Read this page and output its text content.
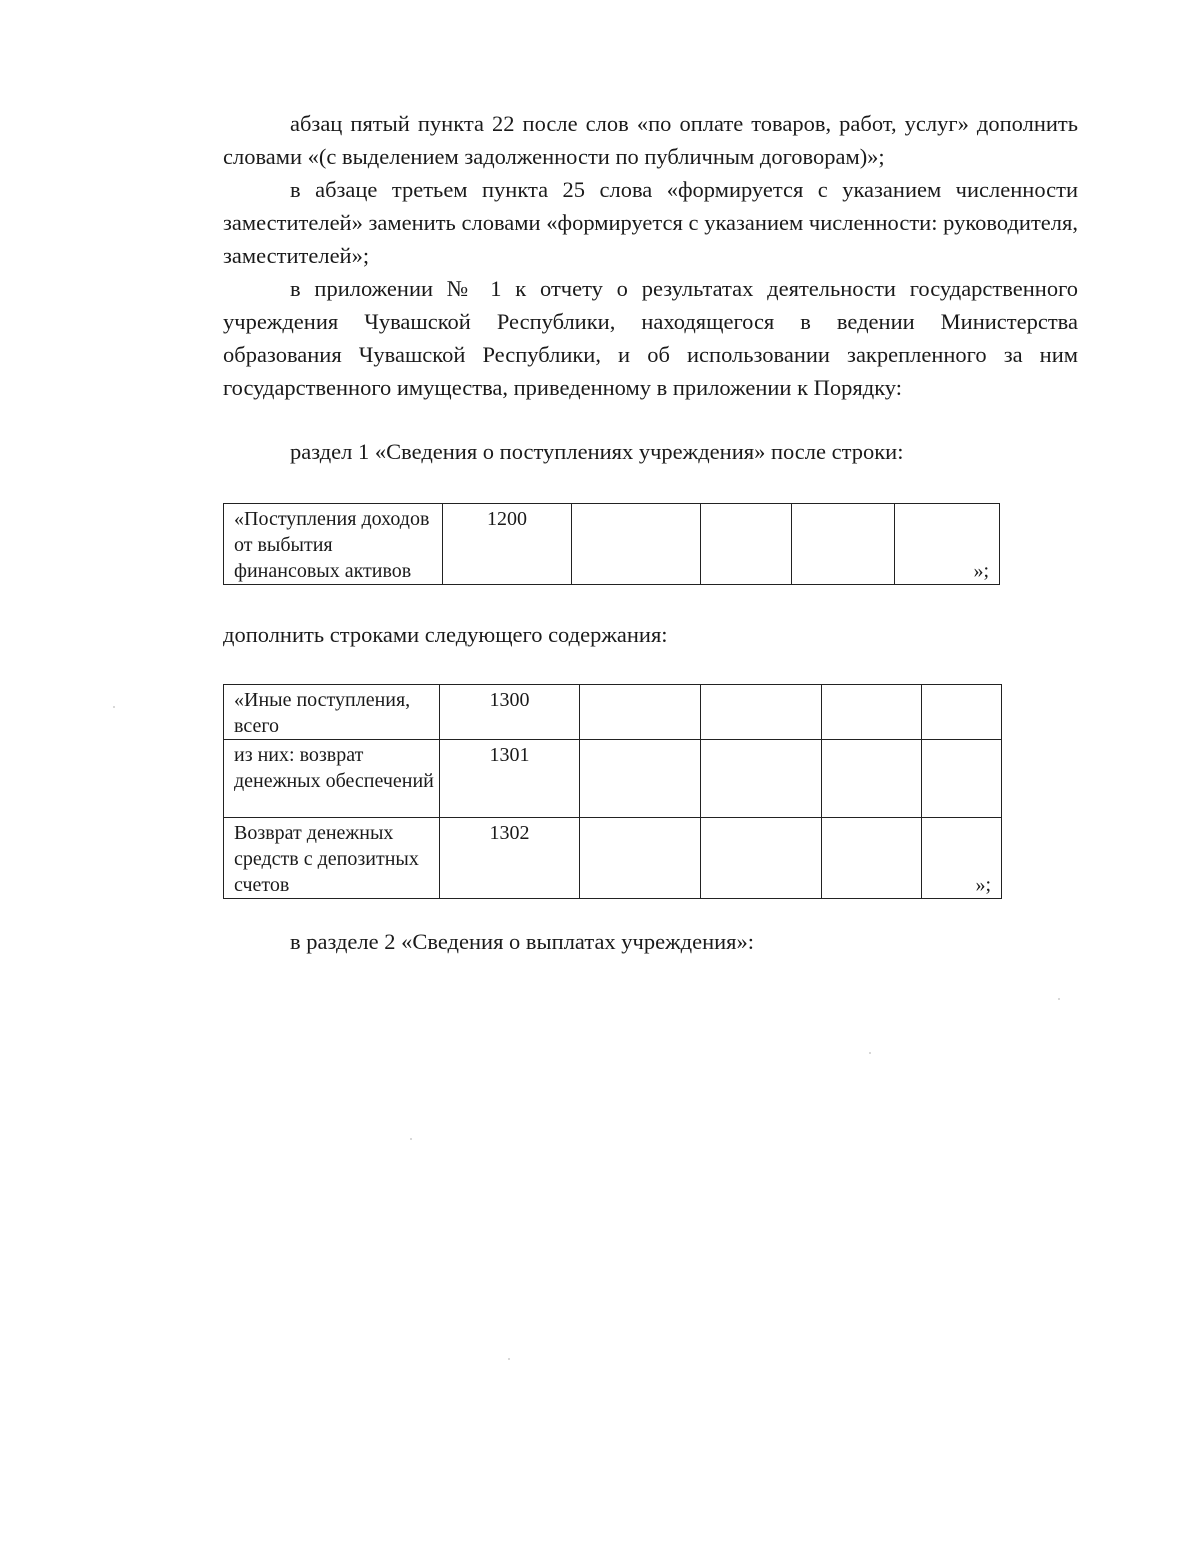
абзац пятый пункта 22 после слов «по оплате товаров, работ, услуг» дополнить словами «(с выделением задолженности по публичным договорам)»;

в абзаце третьем пункта 25 слова «формируется с указанием численности заместителей» заменить словами «формируется с указанием численности: руководителя, заместителей»;

в приложении № 1 к отчету о результатах деятельности государственного учреждения Чувашской Республики, находящегося в ведении Министерства образования Чувашской Республики, и об использовании закрепленного за ним государственного имущества, приведенному в приложении к Порядку:

раздел 1 «Сведения о поступлениях учреждения» после строки:

«Поступления доходов от выбытия финансовых активов	1200				
»;

дополнить строками следующего содержания:

«Иные поступления, всего	1300				
из них: возврат денежных обеспечений	1301				
Возврат денежных средств с депозитных счетов	1302				»;

в разделе 2 «Сведения о выплатах учреждения»:
